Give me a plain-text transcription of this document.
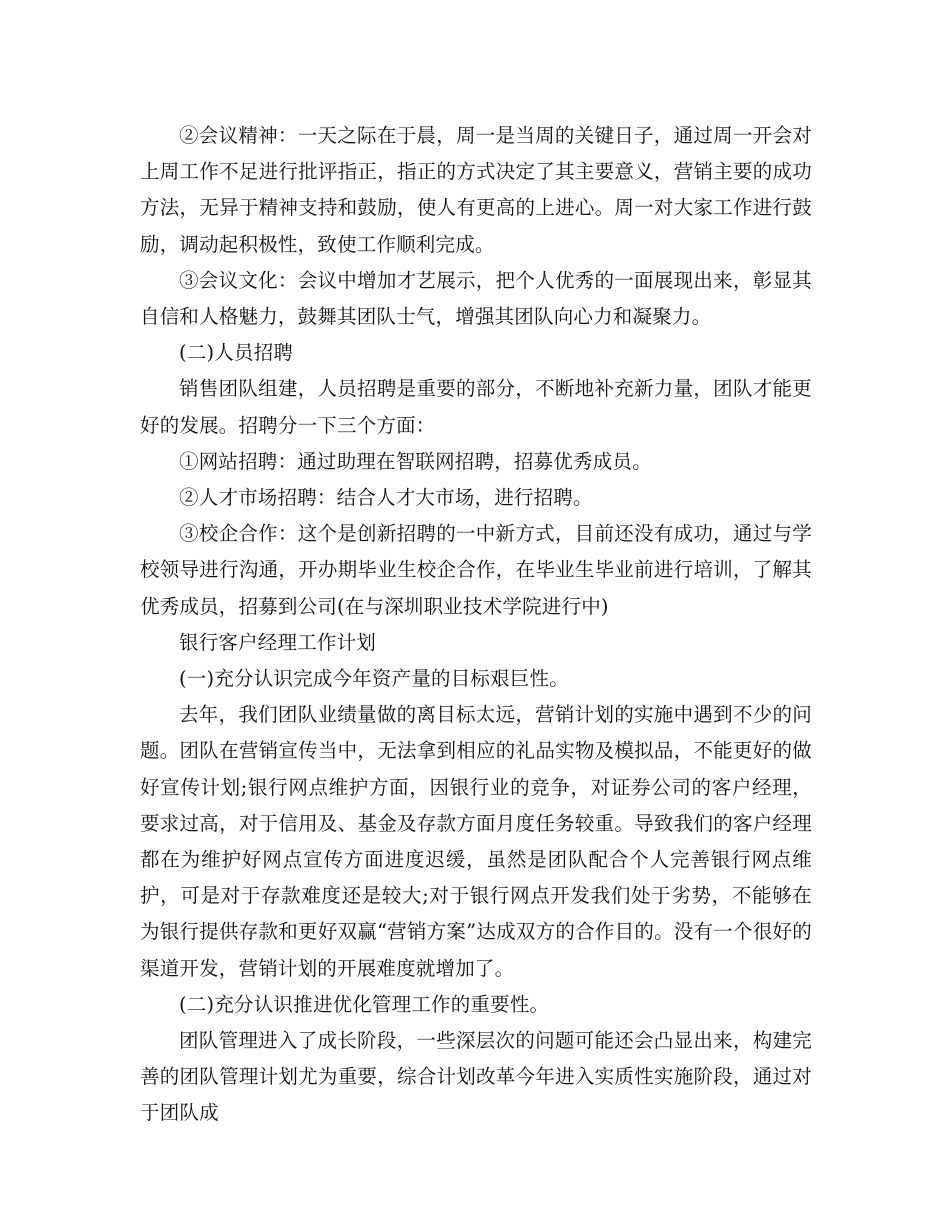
②会议精神：一天之际在于晨，周一是当周的关键日子，通过周一开会对上周工作不足进行批评指正，指正的方式决定了其主要意义，营销主要的成功方法，无异于精神支持和鼓励，使人有更高的上进心。周一对大家工作进行鼓励，调动起积极性，致使工作顺利完成。

③会议文化：会议中增加才艺展示，把个人优秀的一面展现出来，彰显其自信和人格魅力，鼓舞其团队士气，增强其团队向心力和凝聚力。

(二)人员招聘

销售团队组建，人员招聘是重要的部分，不断地补充新力量，团队才能更好的发展。招聘分一下三个方面：

①网站招聘：通过助理在智联网招聘，招募优秀成员。

②人才市场招聘：结合人才大市场，进行招聘。

③校企合作：这个是创新招聘的一中新方式，目前还没有成功，通过与学校领导进行沟通，开办期毕业生校企合作，在毕业生毕业前进行培训，了解其优秀成员，招募到公司(在与深圳职业技术学院进行中)

银行客户经理工作计划

(一)充分认识完成今年资产量的目标艰巨性。

去年，我们团队业绩量做的离目标太远，营销计划的实施中遇到不少的问题。团队在营销宣传当中，无法拿到相应的礼品实物及模拟品，不能更好的做好宣传计划;银行网点维护方面，因银行业的竞争，对证券公司的客户经理，要求过高，对于信用及、基金及存款方面月度任务较重。导致我们的客户经理都在为维护好网点宣传方面进度迟缓，虽然是团队配合个人完善银行网点维护，可是对于存款难度还是较大;对于银行网点开发我们处于劣势，不能够在为银行提供存款和更好双赢“营销方案”达成双方的合作目的。没有一个很好的渠道开发，营销计划的开展难度就增加了。

(二)充分认识推进优化管理工作的重要性。

团队管理进入了成长阶段，一些深层次的问题可能还会凸显出来，构建完善的团队管理计划尤为重要，综合计划改革今年进入实质性实施阶段，通过对于团队成
